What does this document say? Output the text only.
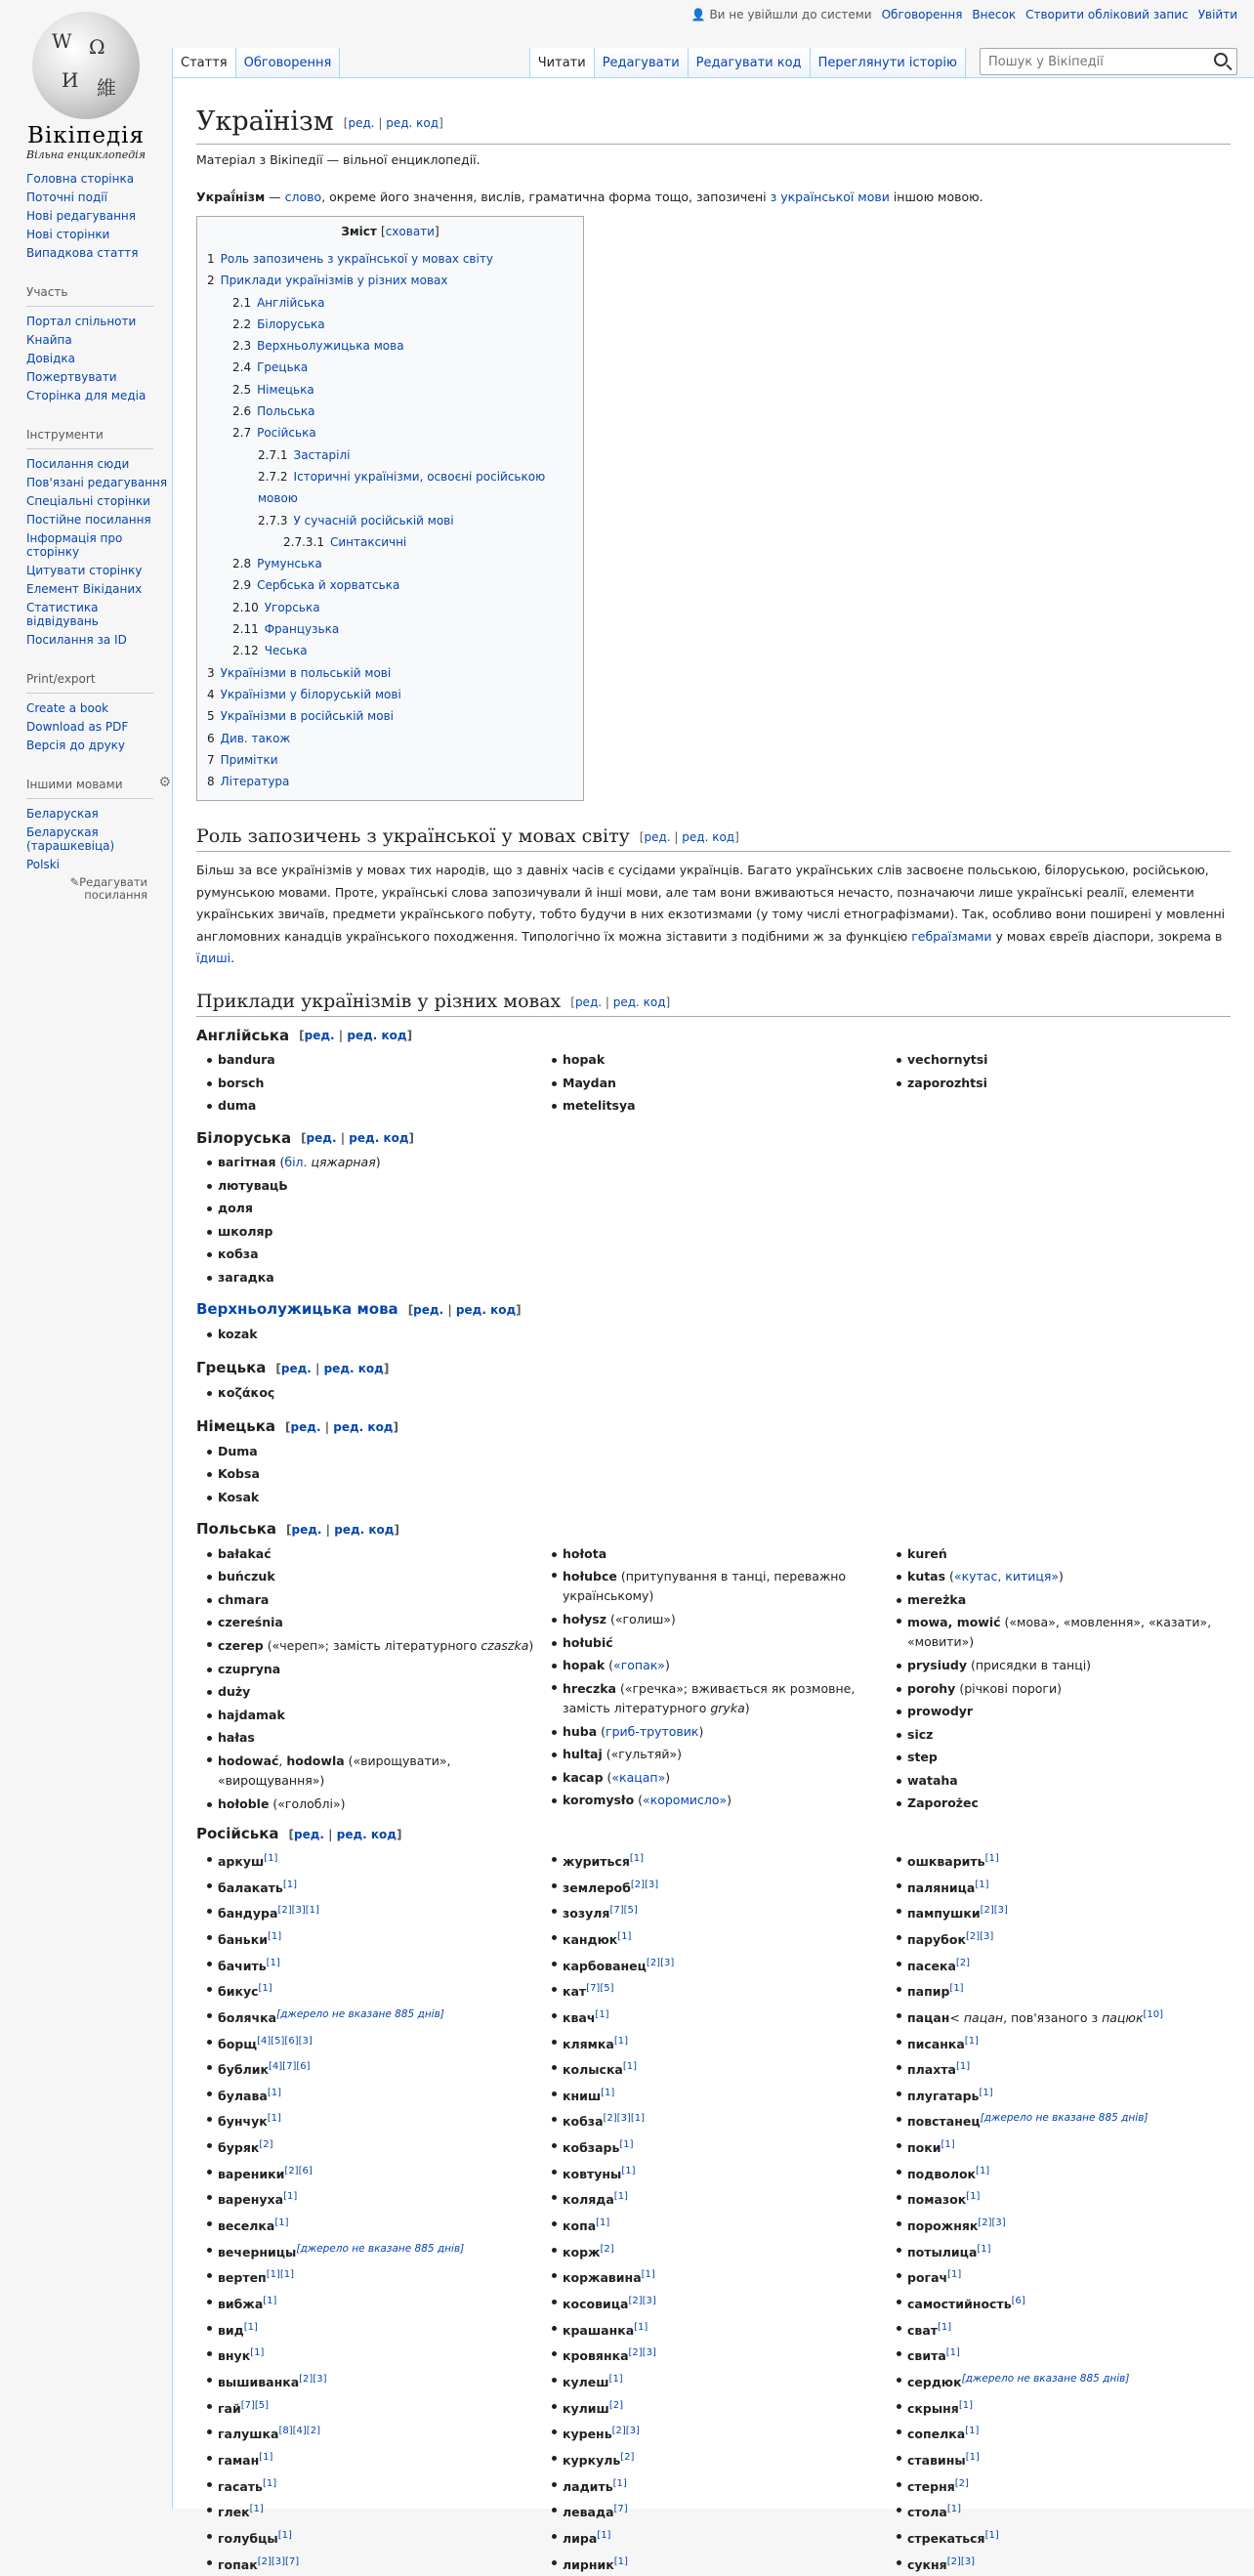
W Ω
И 維
Вікіпедія
Вільна енциклопедія
👤 Ви не увійшли до системи Обговорення Внесок Створити обліковий запис Увійти
Стаття	Обговорення	Читати	Редагувати	Редагувати код	Переглянути історію
Пошук у Вікіпедії
Головна сторінка
Поточні події
Нові редагування
Нові сторінки
Випадкова стаття
Участь
Портал спільноти
Кнайпа
Довідка
Пожертвувати
Сторінка для медіа
Інструменти
Посилання сюди
Пов'язані редагування
Спеціальні сторінки
Постійне посилання
Інформація про сторінку
Цитувати сторінку
Елемент Вікіданих
Статистика відвідувань
Посилання за ID
Print/export
Create a book
Download as PDF
Версія до друку
Іншими мовами	⚙
Беларуская
Беларуская (тарашкевіца)
Polski
✎Редагувати посилання
Українізм [ред. | ред. код]
Матеріал з Вікіпедії — вільної енциклопедії.

Украї́нізм — слово, окреме його значення, вислів, граматична форма тощо, запозичені з української мови іншою мовою.

Зміст [сховати]
1 Роль запозичень з української у мовах світу
2 Приклади українізмів у різних мовах
2.1 Англійська
2.2 Білоруська
2.3 Верхньолужицька мова
2.4 Грецька
2.5 Німецька
2.6 Польська
2.7 Російська
2.7.1 Застарілі
2.7.2 Історичні українізми, освоєні російською мовою
2.7.3 У сучасній російській мові
2.7.3.1 Синтаксичні
2.8 Румунська
2.9 Сербська й хорватська
2.10 Угорська
2.11 Французька
2.12 Чеська
3 Українізми в польській мові
4 Українізми у білоруській мові
5 Українізми в російській мові
6 Див. також
7 Примітки
8 Література
Роль запозичень з української у мовах світу [ред. | ред. код]

Більш за все українізмів у мовах тих народів, що з давніх часів є сусідами українців. Багато українських слів засвоєне польською, білоруською, російською, румунською мовами. Проте, українські слова запозичували й інші мови, але там вони вживаються нечасто, позначаючи лише українські реалії, елементи українських звичаїв, предмети українського побуту, тобто будучи в них екзотизмами (у тому числі етнографізмами). Так, особливо вони поширені у мовленні англомовних канадців українського походження. Типологічно їх можна зіставити з подібними ж за функцією гебраїзмами у мовах євреїв діаспори, зокрема в їдиші.

Приклади українізмів у різних мовах [ред. | ред. код]
Англійська [ред. | ред. код]
bandura
borsch
duma
hopak
Maydan
metelitsya
vechornytsi
zaporozhtsi
Білоруська [ред. | ред. код]
вагітная (біл. цяжарная)
лютувацЬ
доля
школяр
кобза
загадка
Верхньолужицька мова [ред. | ред. код]
kozak
Грецька [ред. | ред. код]
κοζάκος
Німецька [ред. | ред. код]
Duma
Kobsa
Kosak
Польська [ред. | ред. код]
bałakać
buńczuk
chmara
czereśnia
czerep («череп»; замість літературного czaszka)
czupryna
duży
hajdamak
hałas
hodować, hodowla («вирощувати», «вирощування»)
hołoble («голоблі»)
hołota
hołubce (притупування в танці, переважно українському)
hołysz («голиш»)
hołubić
hopak («гопак»)
hreczka («гречка»; вживається як розмовне, замість літературного gryka)
huba (гриб-трутовик)
hultaj («гультяй»)
kacap («кацап»)
koromysło («коромисло»)
kureń
kutas («кутас, китиця»)
mereżka
mowa, mowić («мова», «мовлення», «казати», «мовити»)
prysiudy (присядки в танці)
porohy (річкові пороги)
prowodyr
sicz
step
watаha
Zaporożec
Російська [ред. | ред. код]
аркуш[1]
балакать[1]
бандура[2][3][1]
баньки[1]
бачить[1]
бикус[1]
болячка[джерело не вказане 885 днів]
борщ[4][5][6][3]
бублик[4][7][6]
булава[1]
бунчук[1]
буряк[2]
вареники[2][6]
варенуха[1]
веселка[1]
вечерницы[джерело не вказане 885 днів]
вертеп[1][1]
вибжа[1]
вид[1]
внук[1]
вышиванка[2][3]
гай[7][5]
галушка[8][4][2]
гаман[1]
гасать[1]
глек[1]
голубцы[1]
гопак[2][3][7]
журиться[1]
землероб[2][3]
зозуля[7][5]
кандюк[1]
карбованец[2][3]
кат[7][5]
квач[1]
клямка[1]
колыска[1]
книш[1]
кобза[2][3][1]
кобзарь[1]
ковтуны[1]
коляда[1]
копа[1]
корж[2]
коржавина[1]
косовица[2][3]
крашанка[1]
кровянка[2][3]
кулеш[1]
кулиш[2]
курень[2][3]
куркуль[2]
ладить[1]
левада[7]
лира[1]
лирник[1]
ошкварить[1]
паляница[1]
пампушки[2][3]
парубок[2][3]
пасека[2]
папир[1]
пацан< пацан, пов'язаного з пацюк[10]
писанка[1]
плахта[1]
плугатарь[1]
повстанец[джерело не вказане 885 днів]
поки[1]
подволок[1]
помазок[1]
порожняк[2][3]
потылица[1]
рогач[1]
самостийность[6]
сват[1]
свита[1]
сердюк[джерело не вказане 885 днів]
скрыня[1]
сопелка[1]
ставины[1]
стерня[2]
стола[1]
стрекаться[1]
сукня[2][3]
